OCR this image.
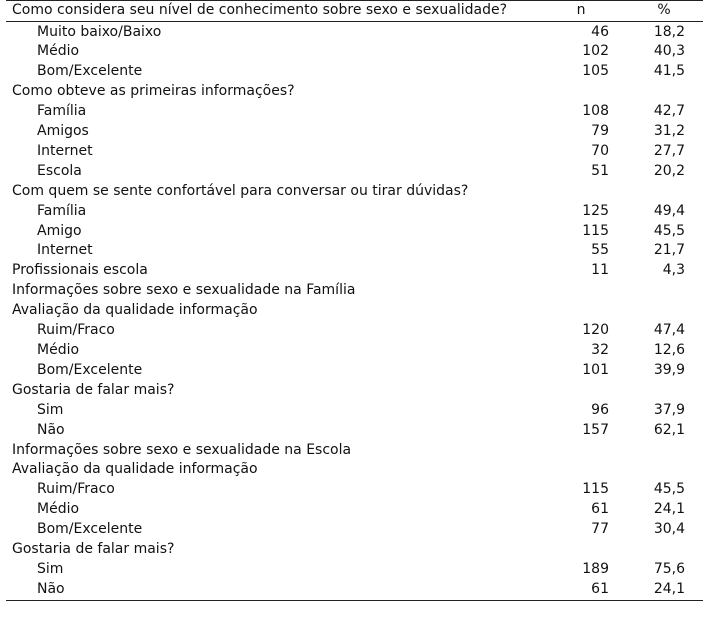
Como considera seu nível de conhecimento sobre sexo e sexualidade?	n	%
Muito baixo/Baixo	46	18,2
Médio	102	40,3
Bom/Excelente	105	41,5
Como obteve as primeiras informações?		
Família	108	42,7
Amigos	79	31,2
Internet	70	27,7
Escola	51	20,2
Com quem se sente confortável para conversar ou tirar dúvidas?		
Família	125	49,4
Amigo	115	45,5
Internet	55	21,7
Profissionais escola	11	4,3
Informações sobre sexo e sexualidade na Família		
Avaliação da qualidade informação		
Ruim/Fraco	120	47,4
Médio	32	12,6
Bom/Excelente	101	39,9
Gostaria de falar mais?		
Sim	96	37,9
Não	157	62,1
Informações sobre sexo e sexualidade na Escola		
Avaliação da qualidade informação		
Ruim/Fraco	115	45,5
Médio	61	24,1
Bom/Excelente	77	30,4
Gostaria de falar mais?		
Sim	189	75,6
Não	61	24,1
